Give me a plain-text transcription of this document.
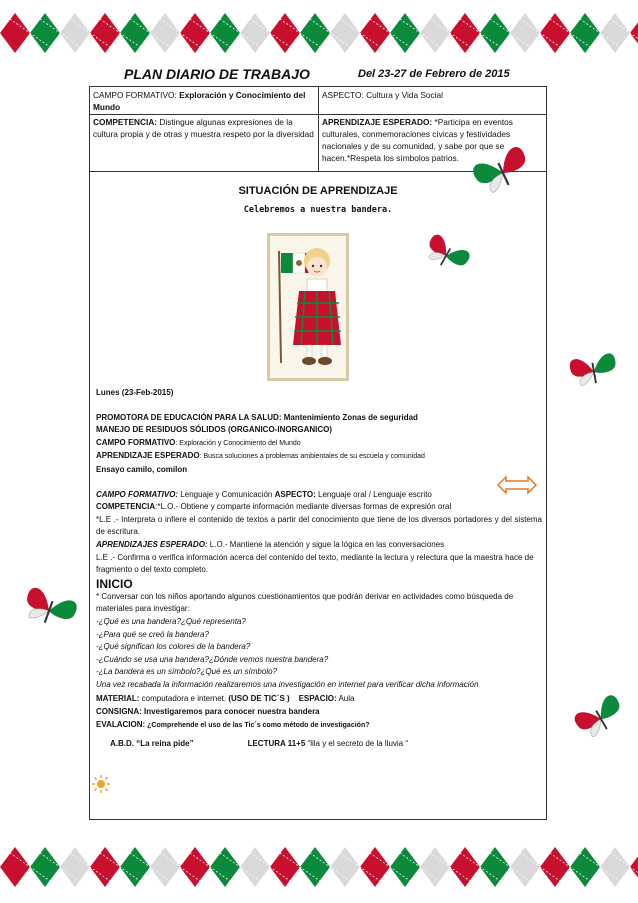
PLAN DIARIO DE TRABAJO	Del 23-27 de Febrero de 2015
CAMPO FORMATIVO: Exploración y Conocimiento del Mundo
ASPECTO: Cultura y Vida Social
COMPETENCIA: Distingue algunas expresiones de la cultura propia y de otras y muestra respeto por la diversidad
APRENDIZAJE ESPERADO: *Participa en eventos culturales, conmemoraciones cívicas y festividades nacionales y de su comunidad, y sabe por que se hacen.*Respeta los símbolos patrios.
SITUACIÓN DE APRENDIZAJE
Celebremos a nuestra bandera.

Lunes (23-Feb-2015)

PROMOTORA DE EDUCACIÓN PARA LA SALUD: Mantenimiento Zonas de seguridad

MANEJO DE RESIDUOS SÓLIDOS (ORGANICO-INORGANICO)

CAMPO FORMATIVO: Exploración y Conocimiento del Mundo

APRENDIZAJE ESPERADO: Busca soluciones a problemas ambientales de su escuela y comunidad

Ensayo camilo, comilon

CAMPO FORMATIVO: Lenguaje y Comunicación ASPECTO: Lenguaje oral / Lenguaje escrito

COMPETENCIA:*L.O.- Obtiene y comparte información mediante diversas formas de expresión oral

*L.E .- Interpreta o infiere el contenido de textos a partir del conocimiento que tiene de los diversos portadores y del sistema de escritura.

APRENDIZAJES ESPERADO: L.O.- Mantiene la atención y sigue la lógica en las conversaciones

L.E .- Confirma o verifica información acerca del contenido del texto, mediante la lectura y relectura que la maestra hace de fragmento o del texto completo.

INICIO

* Conversar con los niños aportando algunos cuestionamientos que podrán derivar en actividades como búsqueda de materiales para investigar:

-¿Qué es una bandera?¿Qué representa?

-¿Para qué se creó la bandera?

-¿Qué significan los colores de la bandera?

-¿Cuándo se usa una bandera?¿Dónde vemos nuestra bandera?

-¿La bandera es un símbolo?¿Qué es un símbolo?

Una vez recabada la información realizaremos una investigación en internet para verificar dicha información

MATERIAL: computadora e internet. (USO DE TIC´S ) ESPACIO: Aula

CONSIGNA: Investigaremos para conocer nuestra bandera

EVALACION: ¿Comprehende el uso de las Tic´s como método de investigación?

A.B.D. “La reina pide”	LECTURA 11+5 “lila y el secreto de la lluvia “
